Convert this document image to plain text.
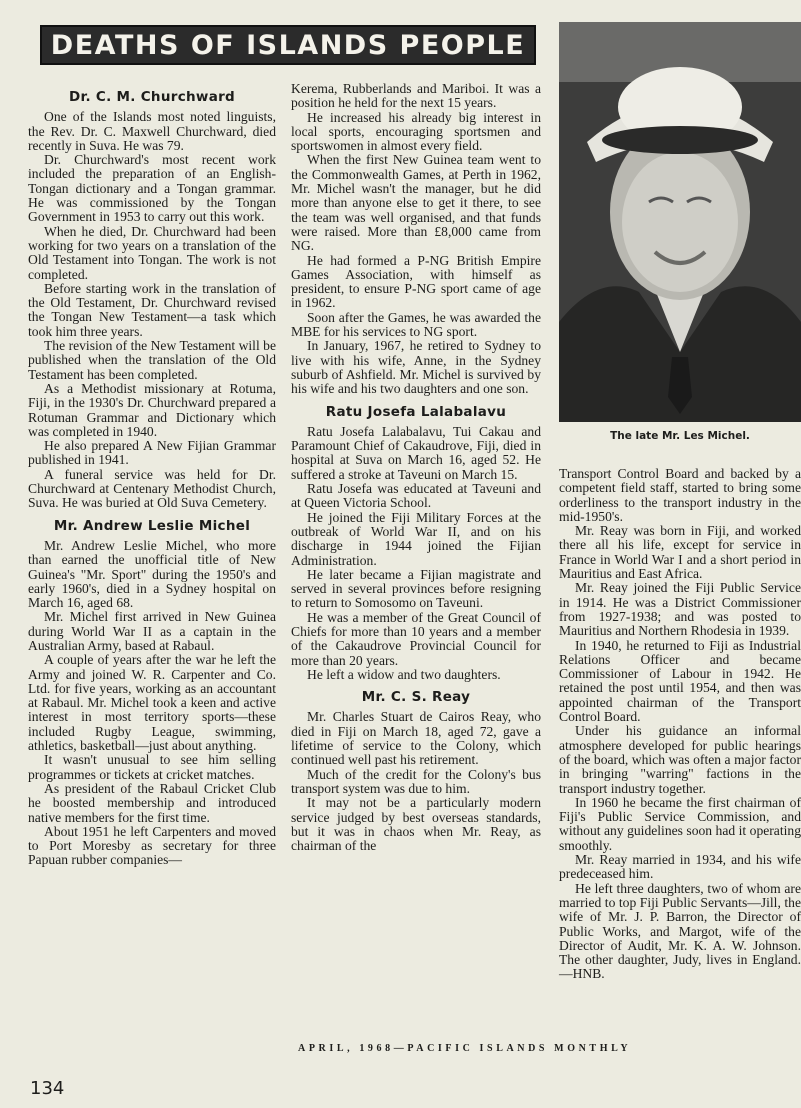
DEATHS OF ISLANDS PEOPLE
Dr. C. M. Churchward

One of the Islands most noted linguists, the Rev. Dr. C. Maxwell Churchward, died recently in Suva. He was 79.

Dr. Churchward's most recent work included the preparation of an English-Tongan dictionary and a Tongan grammar. He was commissioned by the Tongan Government in 1953 to carry out this work.

When he died, Dr. Churchward had been working for two years on a translation of the Old Testament into Tongan. The work is not completed.

Before starting work in the translation of the Old Testament, Dr. Churchward revised the Tongan New Testament—a task which took him three years.

The revision of the New Testament will be published when the translation of the Old Testament has been completed.

As a Methodist missionary at Rotuma, Fiji, in the 1930's Dr. Churchward prepared a Rotuman Grammar and Dictionary which was completed in 1940.

He also prepared A New Fijian Grammar published in 1941.

A funeral service was held for Dr. Churchward at Centenary Methodist Church, Suva. He was buried at Old Suva Cemetery.

Mr. Andrew Leslie Michel

Mr. Andrew Leslie Michel, who more than earned the unofficial title of New Guinea's "Mr. Sport" during the 1950's and early 1960's, died in a Sydney hospital on March 16, aged 68.

Mr. Michel first arrived in New Guinea during World War II as a captain in the Australian Army, based at Rabaul.

A couple of years after the war he left the Army and joined W. R. Carpenter and Co. Ltd. for five years, working as an accountant at Rabaul. Mr. Michel took a keen and active interest in most territory sports—these included Rugby League, swimming, athletics, basketball—just about anything.

It wasn't unusual to see him selling programmes or tickets at cricket matches.

As president of the Rabaul Cricket Club he boosted membership and introduced native members for the first time.

About 1951 he left Carpenters and moved to Port Moresby as secretary for three Papuan rubber companies—

Kerema, Rubberlands and Mariboi. It was a position he held for the next 15 years.

He increased his already big interest in local sports, encouraging sportsmen and sportswomen in almost every field.

When the first New Guinea team went to the Commonwealth Games, at Perth in 1962, Mr. Michel wasn't the manager, but he did more than anyone else to get it there, to see the team was well organised, and that funds were raised. More than £8,000 came from NG.

He had formed a P-NG British Empire Games Association, with himself as president, to ensure P-NG sport came of age in 1962.

Soon after the Games, he was awarded the MBE for his services to NG sport.

In January, 1967, he retired to Sydney to live with his wife, Anne, in the Sydney suburb of Ashfield. Mr. Michel is survived by his wife and his two daughters and one son.

Ratu Josefa Lalabalavu

Ratu Josefa Lalabalavu, Tui Cakau and Paramount Chief of Cakaudrove, Fiji, died in hospital at Suva on March 16, aged 52. He suffered a stroke at Taveuni on March 15.

Ratu Josefa was educated at Taveuni and at Queen Victoria School.

He joined the Fiji Military Forces at the outbreak of World War II, and on his discharge in 1944 joined the Fijian Administration.

He later became a Fijian magistrate and served in several provinces before resigning to return to Somosomo on Taveuni.

He was a member of the Great Council of Chiefs for more than 10 years and a member of the Cakaudrove Provincial Council for more than 20 years.

He left a widow and two daughters.

Mr. C. S. Reay

Mr. Charles Stuart de Cairos Reay, who died in Fiji on March 18, aged 72, gave a lifetime of service to the Colony, which continued well past his retirement.

Much of the credit for the Colony's bus transport system was due to him.

It may not be a particularly modern service judged by best overseas standards, but it was in chaos when Mr. Reay, as chairman of the

The late Mr. Les Michel.

Transport Control Board and backed by a competent field staff, started to bring some orderliness to the transport industry in the mid-1950's.

Mr. Reay was born in Fiji, and worked there all his life, except for service in France in World War I and a short period in Mauritius and East Africa.

Mr. Reay joined the Fiji Public Service in 1914. He was a District Commissioner from 1927-1938; and was posted to Mauritius and Northern Rhodesia in 1939.

In 1940, he returned to Fiji as Industrial Relations Officer and became Commissioner of Labour in 1942. He retained the post until 1954, and then was appointed chairman of the Transport Control Board.

Under his guidance an informal atmosphere developed for public hearings of the board, which was often a major factor in bringing "warring" factions in the transport industry together.

In 1960 he became the first chairman of Fiji's Public Service Commission, and without any guidelines soon had it operating smoothly.

Mr. Reay married in 1934, and his wife predeceased him.

He left three daughters, two of whom are married to top Fiji Public Servants—Jill, the wife of Mr. J. P. Barron, the Director of Public Works, and Margot, wife of the Director of Audit, Mr. K. A. W. Johnson. The other daughter, Judy, lives in England.—HNB.

134
APRIL, 1968—PACIFIC ISLANDS MONTHLY
